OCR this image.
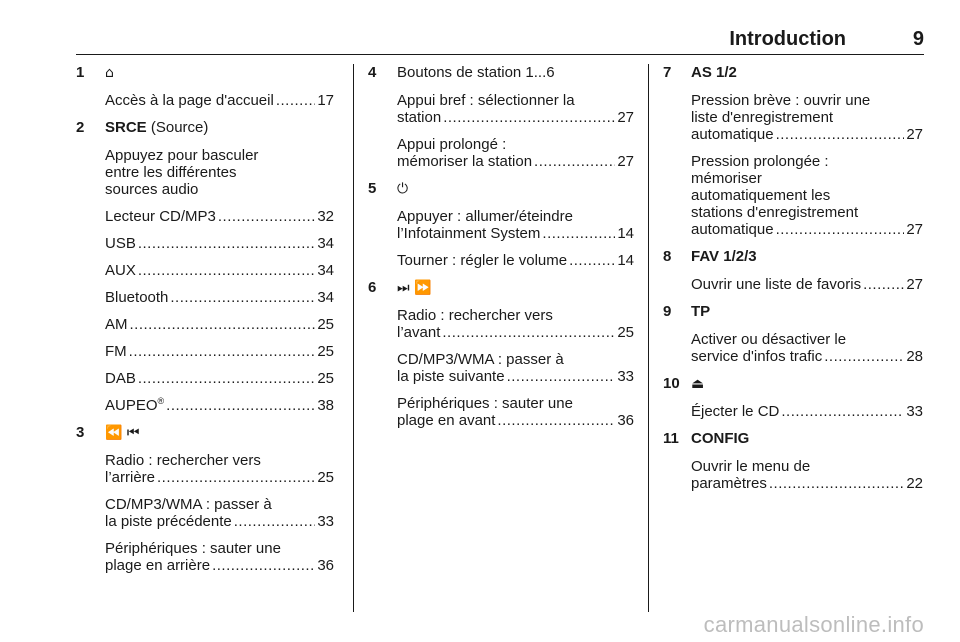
Introduction	9
1 ⌂
Accès à la page d'accueil .....	17
2 SRCE (Source)
Appuyez pour basculer
entre les différentes
sources audio
Lecteur CD/MP3 .....	32
USB .....	34
AUX .....	34
Bluetooth .....	34
AM .....	25
FM .....	25
DAB .....	25
AUPEO® .....	38
3 ⏪ ⏮
Radio : rechercher vers
l’arrière .....	25
CD/MP3/WMA : passer à
la piste précédente .....	33
Périphériques : sauter une
plage en arrière .....	36
4 Boutons de station 1...6
Appui bref : sélectionner la
station .....	27
Appui prolongé :
mémoriser la station .....	27
5 ⏻
Appuyer : allumer/éteindre
l’Infotainment System .....	14
Tourner : régler le volume .....	14
6 ⏭ ⏩
Radio : rechercher vers
l’avant .....	25
CD/MP3/WMA : passer à
la piste suivante .....	33
Périphériques : sauter une
plage en avant .....	36
7 AS 1/2
Pression brève : ouvrir une
liste d'enregistrement
automatique .....	27
Pression prolongée :
mémoriser
automatiquement les
stations d'enregistrement
automatique .....	27
8 FAV 1/2/3
Ouvrir une liste de favoris .....	27
9 TP
Activer ou désactiver le
service d'infos trafic .....	28
10 ⏏
Éjecter le CD .....	33
11 CONFIG
Ouvrir le menu de
paramètres .....	22
carmanualsonline.info
